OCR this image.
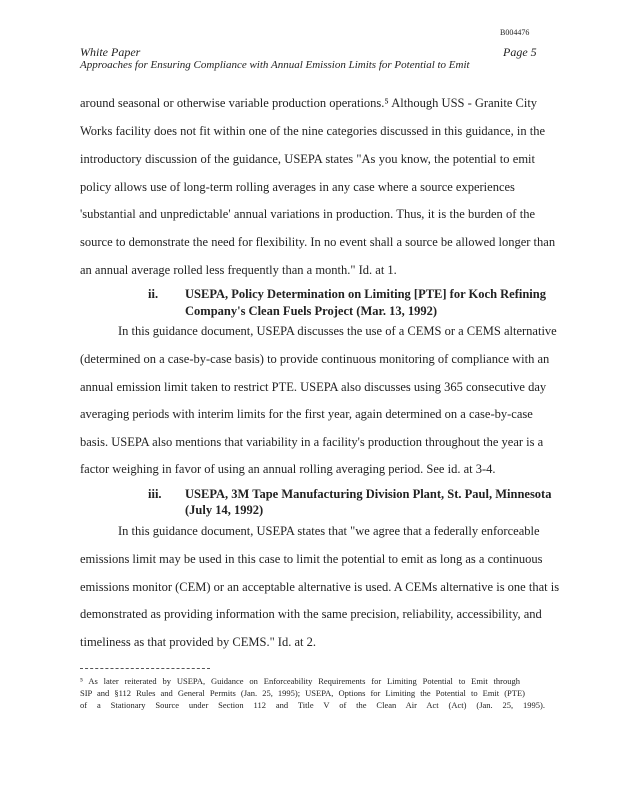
B004476
White Paper	Page 5
Approaches for Ensuring Compliance with Annual Emission Limits for Potential to Emit
around seasonal or otherwise variable production operations.⁵ Although USS - Granite City
Works facility does not fit within one of the nine categories discussed in this guidance, in the
introductory discussion of the guidance, USEPA states "As you know, the potential to emit
policy allows use of long-term rolling averages in any case where a source experiences
'substantial and unpredictable' annual variations in production. Thus, it is the burden of the
source to demonstrate the need for flexibility. In no event shall a source be allowed longer than
an annual average rolled less frequently than a month." Id. at 1.
ii. USEPA, Policy Determination on Limiting [PTE] for Koch Refining
Company's Clean Fuels Project (Mar. 13, 1992)
In this guidance document, USEPA discusses the use of a CEMS or a CEMS alternative
(determined on a case-by-case basis) to provide continuous monitoring of compliance with an
annual emission limit taken to restrict PTE. USEPA also discusses using 365 consecutive day
averaging periods with interim limits for the first year, again determined on a case-by-case
basis. USEPA also mentions that variability in a facility's production throughout the year is a
factor weighing in favor of using an annual rolling averaging period. See id. at 3-4.
iii. USEPA, 3M Tape Manufacturing Division Plant, St. Paul, Minnesota
(July 14, 1992)
In this guidance document, USEPA states that "we agree that a federally enforceable
emissions limit may be used in this case to limit the potential to emit as long as a continuous
emissions monitor (CEM) or an acceptable alternative is used. A CEMs alternative is one that is
demonstrated as providing information with the same precision, reliability, accessibility, and
timeliness as that provided by CEMS." Id. at 2.
⁵ As later reiterated by USEPA, Guidance on Enforceability Requirements for Limiting Potential to Emit through
SIP and §112 Rules and General Permits (Jan. 25, 1995); USEPA, Options for Limiting the Potential to Emit (PTE)
of a Stationary Source under Section 112 and Title V of the Clean Air Act (Act) (Jan. 25, 1995).
